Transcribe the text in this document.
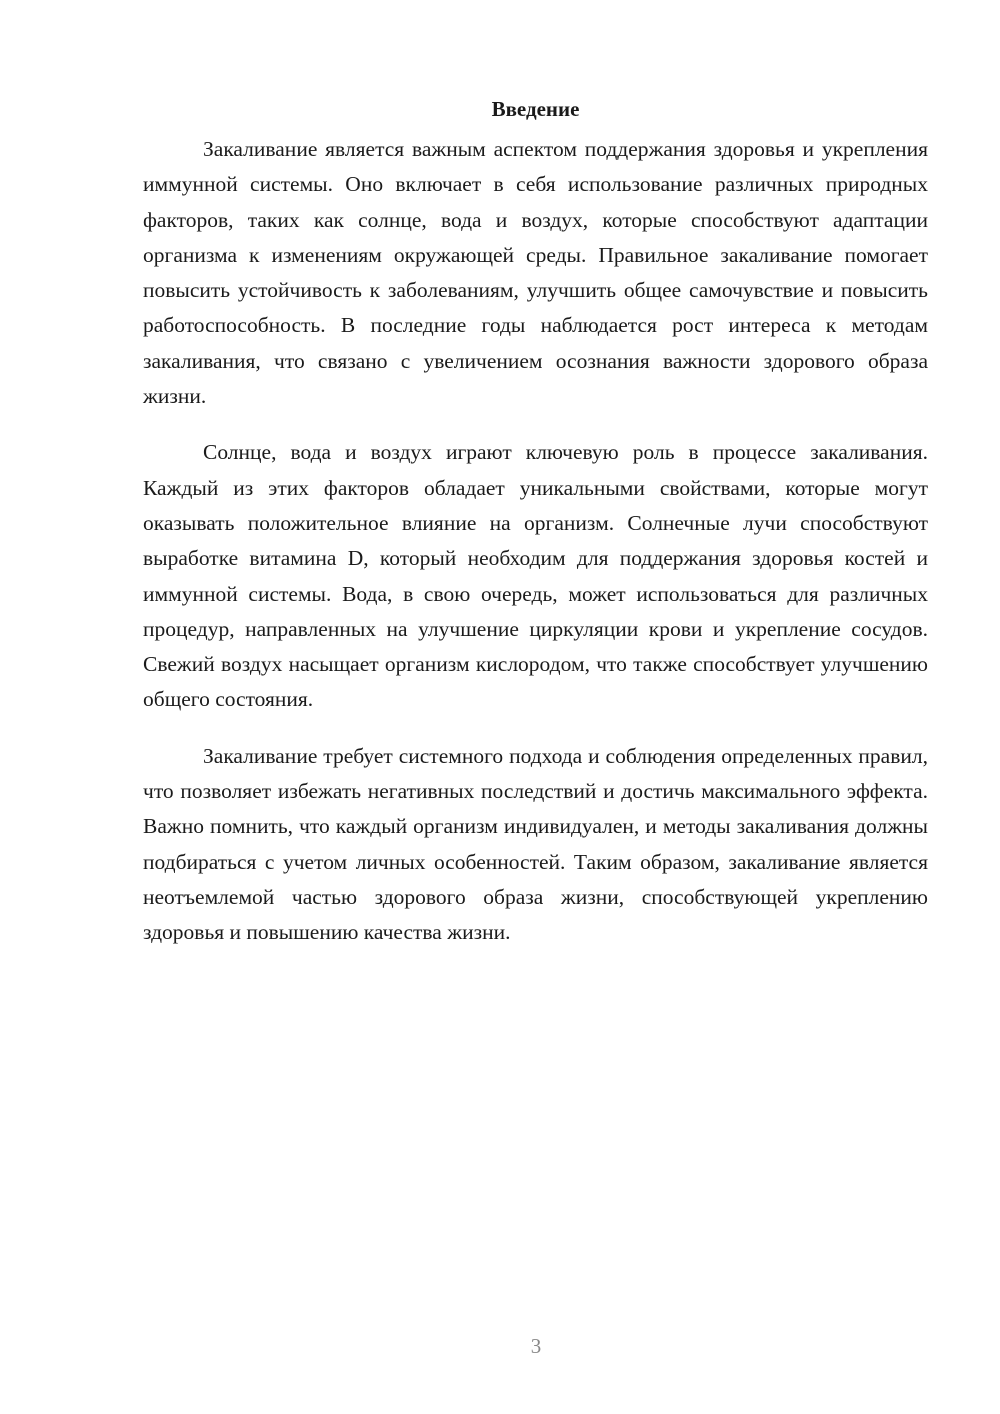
Введение

Закаливание является важным аспектом поддержания здоровья и укрепления иммунной системы. Оно включает в себя использование различных природных факторов, таких как солнце, вода и воздух, которые способствуют адаптации организма к изменениям окружающей среды. Правильное закаливание помогает повысить устойчивость к заболеваниям, улучшить общее самочувствие и повысить работоспособность. В последние годы наблюдается рост интереса к методам закаливания, что связано с увеличением осознания важности здорового образа жизни.

Солнце, вода и воздух играют ключевую роль в процессе закаливания. Каждый из этих факторов обладает уникальными свойствами, которые могут оказывать положительное влияние на организм. Солнечные лучи способствуют выработке витамина D, который необходим для поддержания здоровья костей и иммунной системы. Вода, в свою очередь, может использоваться для различных процедур, направленных на улучшение циркуляции крови и укрепление сосудов. Свежий воздух насыщает организм кислородом, что также способствует улучшению общего состояния.

Закаливание требует системного подхода и соблюдения определенных правил, что позволяет избежать негативных последствий и достичь максимального эффекта. Важно помнить, что каждый организм индивидуален, и методы закаливания должны подбираться с учетом личных особенностей. Таким образом, закаливание является неотъемлемой частью здорового образа жизни, способствующей укреплению здоровья и повышению качества жизни.

3
